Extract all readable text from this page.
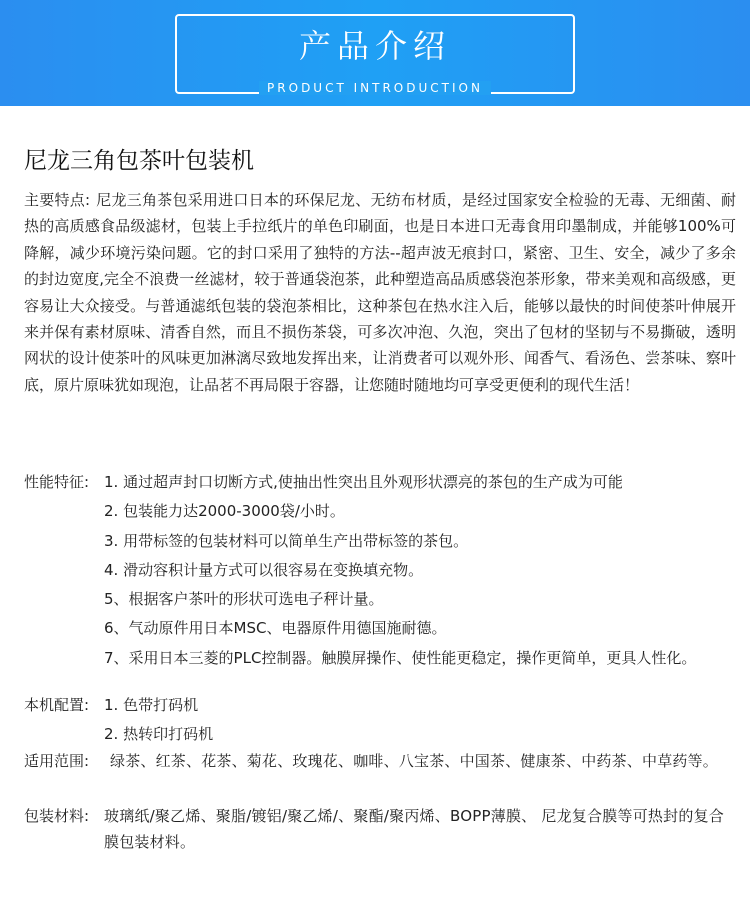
产品介绍
PRODUCT INTRODUCTION
尼龙三角包茶叶包装机
主要特点: 尼龙三角茶包采用进口日本的环保尼龙、无纺布材质，是经过国家安全检验的无毒、无细菌、耐热的高质感食品级滤材，包装上手拉纸片的单色印刷面，也是日本进口无毒食用印墨制成，并能够100%可降解，减少环境污染问题。它的封口采用了独特的方法--超声波无痕封口，紧密、卫生、安全，减少了多余的封边宽度,完全不浪费一丝滤材，较于普通袋泡茶，此种塑造高品质感袋泡茶形象，带来美观和高级感，更容易让大众接受。与普通滤纸包装的袋泡茶相比，这种茶包在热水注入后，能够以最快的时间使茶叶伸展开来并保有素材原味、清香自然，而且不损伤茶袋，可多次冲泡、久泡，突出了包材的坚韧与不易撕破，透明网状的设计使茶叶的风味更加淋漓尽致地发挥出来，让消费者可以观外形、闻香气、看汤色、尝茶味、察叶底，原片原味犹如现泡，让品茗不再局限于容器，让您随时随地均可享受更便利的现代生活！
性能特征: 1. 通过超声封口切断方式,使抽出性突出且外观形状漂亮的茶包的生产成为可能
2. 包装能力达2000-3000袋/小时。
3. 用带标签的包装材料可以简单生产出带标签的茶包。
4. 滑动容积计量方式可以很容易在变换填充物。
5、根据客户茶叶的形状可选电子秤计量。
6、气动原件用日本MSC、电器原件用德国施耐德。
7、采用日本三菱的PLC控制器。触膜屏操作、使性能更稳定，操作更简单，更具人性化。
本机配置: 1. 色带打码机
2. 热转印打码机
适用范围: 绿茶、红茶、花茶、菊花、玫瑰花、咖啡、八宝茶、中国茶、健康茶、中药茶、中草药等。
包装材料: 玻璃纸/聚乙烯、聚脂/镀铝/聚乙烯/、聚酯/聚丙烯、BOPP薄膜、 尼龙复合膜等可热封的复合膜包装材料。
